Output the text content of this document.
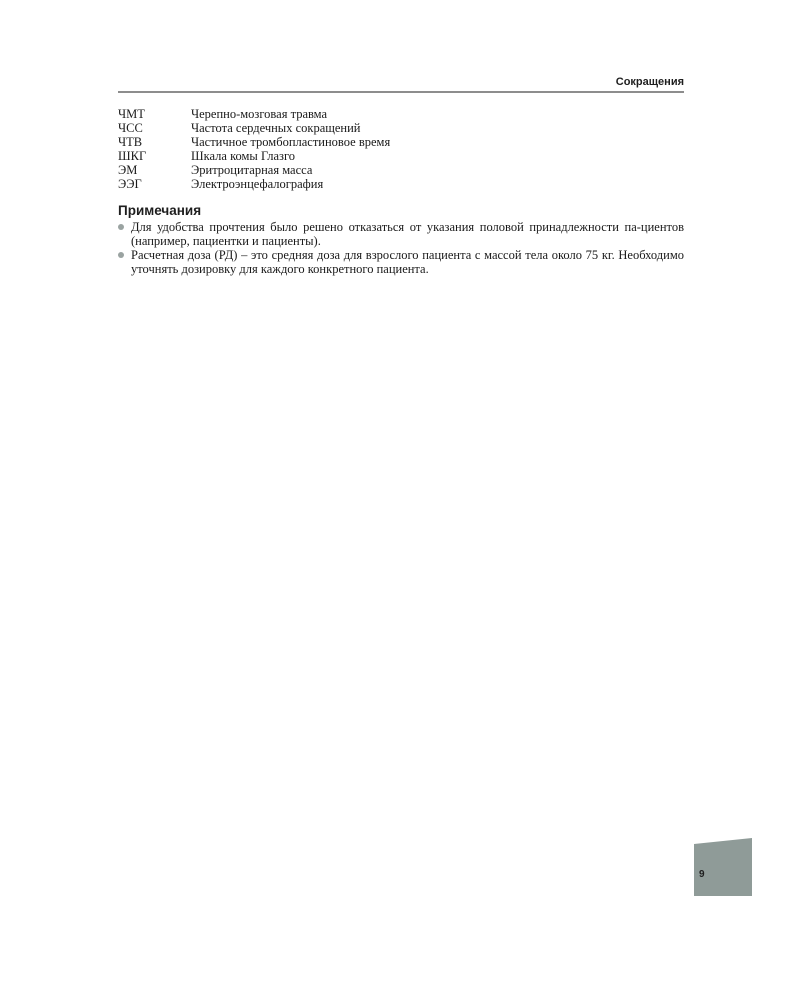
Сокращения
ЧМТ	Черепно-мозговая травма
ЧСС	Частота сердечных сокращений
ЧТВ	Частичное тромбопластиновое время
ШКГ	Шкала комы Глазго
ЭМ	Эритроцитарная масса
ЭЭГ	Электроэнцефалография
Примечания
Для удобства прочтения было решено отказаться от указания половой принадлежности па-циентов (например, пациентки и пациенты).
Расчетная доза (РД) – это средняя доза для взрослого пациента с массой тела около 75 кг. Необходимо уточнять дозировку для каждого конкретного пациента.
9
